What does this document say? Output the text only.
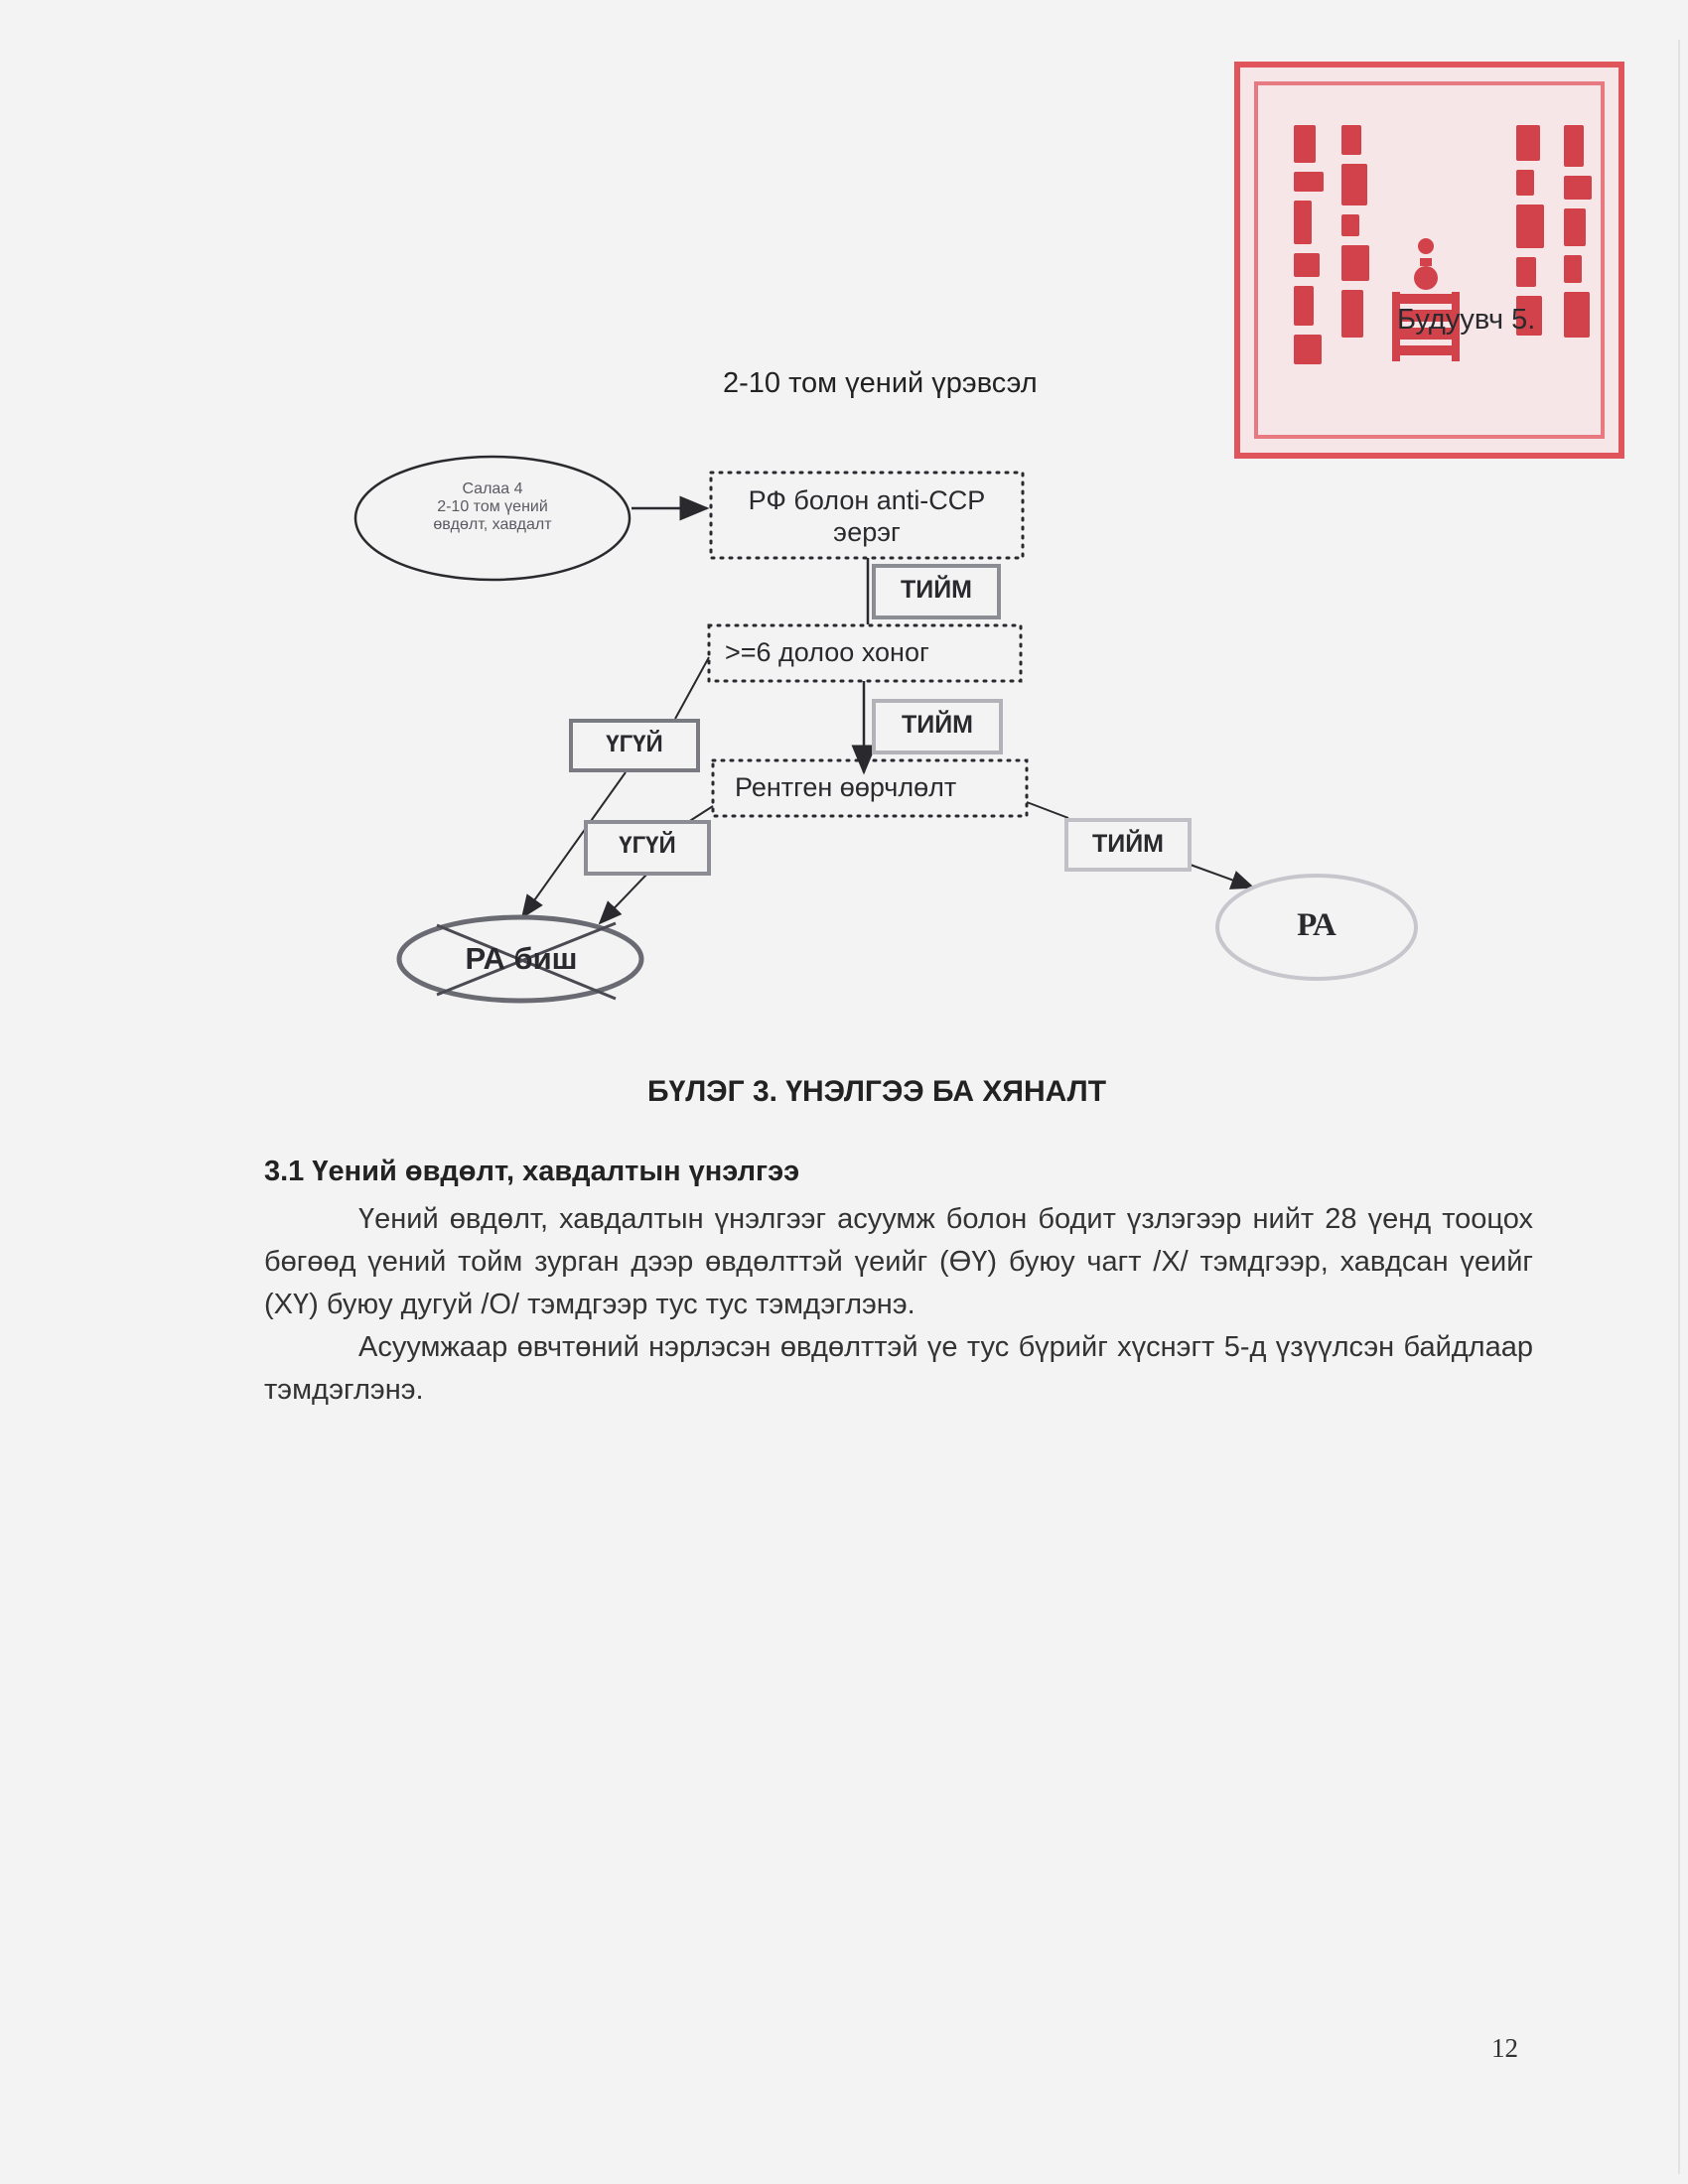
Будуувч 5.
2-10 том үений үрэвсэл
Салаа 4
2-10 том үений
өвдөлт, хавдалт
РФ болон anti-CCP
эерэг
ТИЙМ
>=6 долоо хоног
ТИЙМ
Рентген өөрчлөлт
ҮГҮЙ
ҮГҮЙ	ТИЙМ
РА биш
РА
БҮЛЭГ 3. ҮНЭЛГЭЭ БА ХЯНАЛТ
3.1 Үений өвдөлт, хавдалтын үнэлгээ

Үений өвдөлт, хавдалтын үнэлгээг асуумж болон бодит үзлэгээр нийт 28 үенд тооцох бөгөөд үений тойм зурган дээр өвдөлттэй үеийг (ӨҮ) буюу чагт /X/ тэмдгээр, хавдсан үеийг (ХҮ) буюу дугуй /О/ тэмдгээр тус тус тэмдэглэнэ.

Асуумжаар өвчтөний нэрлэсэн өвдөлттэй үе тус бүрийг хүснэгт 5-д үзүүлсэн байдлаар тэмдэглэнэ.

12
